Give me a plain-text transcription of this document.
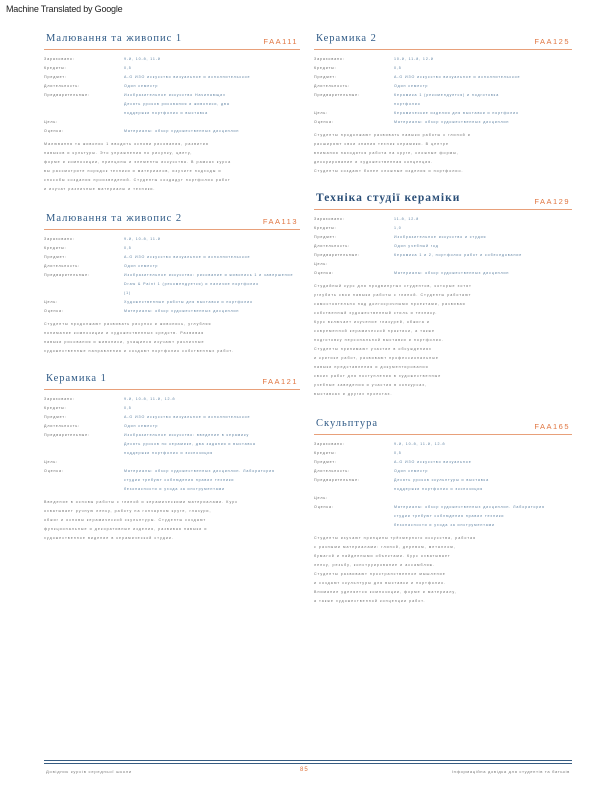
Machine Translated by Google
Малювання та живопис 1	FAA111
Зараховано:	9-й, 10-й, 11-й
Кредиты:	0,5
Предмет:	A-G ИЗО искусство визуальное и исполнительское
Длительность:	Один семестр
Предварительные:	Изобразительное искусство Начинающих
Десять уроков рисования и живописи, два
поддержки портфолио и выставка
Цель:
Оценка:	Материалы: обзор художественных дисциплин

Малювання та живопис 1 вводить основи рисования, развития

навыков и культуры. Это упражнения по рисунку, цвету,

форме и композиции, принципы и элементы искусства. В рамках курса

вы рассмотрите порядок техники и материалов, изучите подходы и

способы создания произведений. Студенты создадут портфолио работ

и изучат различные материалы и техники.

Малювання та живопис 2	FAA113
Зараховано:	9-й, 10-й, 11-й
Кредиты:	0,5
Предмет:	A-G ИЗО искусство визуальное и исполнительское
Длительность:	Один семестр
Предварительные:	Изобразительное искусство: рисование и живопись 1 и завершение
Draw & Paint 1 (рекомендуется) и наличие портфолио
(1)
Цель:	Художественные работы для выставки и портфолио
Оценка:	Материалы: обзор художественных дисциплин

Студенты продолжают развивать рисунок и живопись, углубляя

понимание композиции и художественных средств. Развивая

навыки рисования и живописи, учащиеся изучают различные

художественные направления и создают портфолио собственных работ.

Керамика 1	FAA121
Зараховано:	9-й, 10-й, 11-й, 12-й
Кредиты:	0,5
Предмет:	A-G ИЗО искусство визуальное и исполнительское
Длительность:	Один семестр
Предварительные:	Изобразительное искусство: введение в керамику
Десять уроков по керамике, два задания и выставка
поддержки портфолио и экспозиция
Цель:
Оценка:	Материалы: обзор художественных дисциплин. Лаборатория
студии требуют соблюдения правил техники
безопасности и ухода за инструментами

Введение в основы работы с глиной и керамическими материалами. Курс

охватывает ручную лепку, работу на гончарном круге, глазури,

обжиг и основы керамической скульптуры. Студенты создают

функциональные и декоративные изделия, развивая навыки и

художественное видение в керамической студии.

Керамика 2	FAA125
Зараховано:	10-й, 11-й, 12-й
Кредиты:	0,5
Предмет:	A-G ИЗО искусство визуальное и исполнительское
Длительность:	Один семестр
Предварительные:	Керамика 1 (рекомендуется) и подготовка
портфолио
Цель:	Керамические изделия для выставки и портфолио
Оценка:	Материалы: обзор художественных дисциплин

Студенты продолжают развивать навыки работы с глиной и

расширяют свои знания техник керамики. В центре

внимания находятся работа на круге, сложные формы,

декорирование и художественная концепция.

Студенты создают более сложные изделия и портфолио.

Техніка студії кераміки	FAA129
Зараховано:	11-й, 12-й
Кредиты:	1,0
Предмет:	Изобразительное искусство и студия
Длительность:	Один учебный год
Предварительные:	Керамика 1 и 2, портфолио работ и собеседование
Цель:
Оценка:	Материалы: обзор художественных дисциплин

Студийный курс для продвинутых студентов, которые хотят

углубить свои навыки работы с глиной. Студенты работают

самостоятельно над долгосрочными проектами, развивая

собственный художественный стиль и технику.

Курс включает изучение глазурей, обжига и

современной керамической практики, а также

подготовку персональной выставки и портфолио.

Студенты принимают участие в обсуждениях

и критике работ, развивают профессиональные

навыки представления и документирования

своих работ для поступления в художественные

учебные заведения и участия в конкурсах,

выставках и других проектах.

Скульптура	FAA165
Зараховано:	9-й, 10-й, 11-й, 12-й
Кредиты:	0,5
Предмет:	A-G ИЗО искусство визуальное
Длительность:	Один семестр
Предварительные:	Десять уроков скульптуры и выставка
поддержки портфолио и экспозиция
Цель:
Оценка:	Материалы: обзор художественных дисциплин. Лаборатория
студии требуют соблюдения правил техники
безопасности и ухода за инструментами

Студенты изучают принципы трёхмерного искусства, работая

с разными материалами: глиной, деревом, металлом,

бумагой и найденными объектами. Курс охватывает

лепку, резьбу, конструирование и ассамбляж.

Студенты развивают пространственное мышление

и создают скульптуры для выставки и портфолио.

Внимание уделяется композиции, форме и материалу,

а также художественной концепции работ.

Довідник курсів середньої школи	85	Інформаційна довідка для студентів та батьків
